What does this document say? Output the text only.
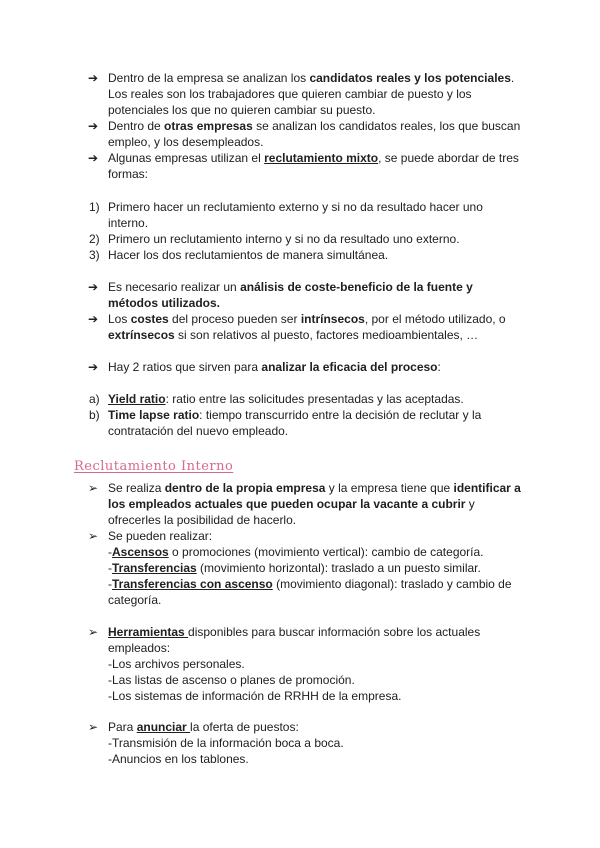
➔ Dentro de la empresa se analizan los candidatos reales y los potenciales.
Los reales son los trabajadores que quieren cambiar de puesto y los
potenciales los que no quieren cambiar su puesto.
➔ Dentro de otras empresas se analizan los candidatos reales, los que buscan
empleo, y los desempleados.
➔ Algunas empresas utilizan el reclutamiento mixto, se puede abordar de tres
formas:
1) Primero hacer un reclutamiento externo y si no da resultado hacer uno
interno.
2) Primero un reclutamiento interno y si no da resultado uno externo.
3) Hacer los dos reclutamientos de manera simultánea.
➔ Es necesario realizar un análisis de coste-beneficio de la fuente y
métodos utilizados.
➔ Los costes del proceso pueden ser intrínsecos, por el método utilizado, o
extrínsecos si son relativos al puesto, factores medioambientales, …
➔ Hay 2 ratios que sirven para analizar la eficacia del proceso:
a) Yield ratio: ratio entre las solicitudes presentadas y las aceptadas.
b) Time lapse ratio: tiempo transcurrido entre la decisión de reclutar y la
contratación del nuevo empleado.
Reclutamiento Interno
➢ Se realiza dentro de la propia empresa y la empresa tiene que identificar a
los empleados actuales que pueden ocupar la vacante a cubrir y
ofrecerles la posibilidad de hacerlo.
➢ Se pueden realizar:
-Ascensos o promociones (movimiento vertical): cambio de categoría.
-Transferencias (movimiento horizontal): traslado a un puesto similar.
-Transferencias con ascenso (movimiento diagonal): traslado y cambio de
categoría.
➢ Herramientas disponibles para buscar información sobre los actuales
empleados:
-Los archivos personales.
-Las listas de ascenso o planes de promoción.
-Los sistemas de información de RRHH de la empresa.
➢ Para anunciar la oferta de puestos:
-Transmisión de la información boca a boca.
-Anuncios en los tablones.
